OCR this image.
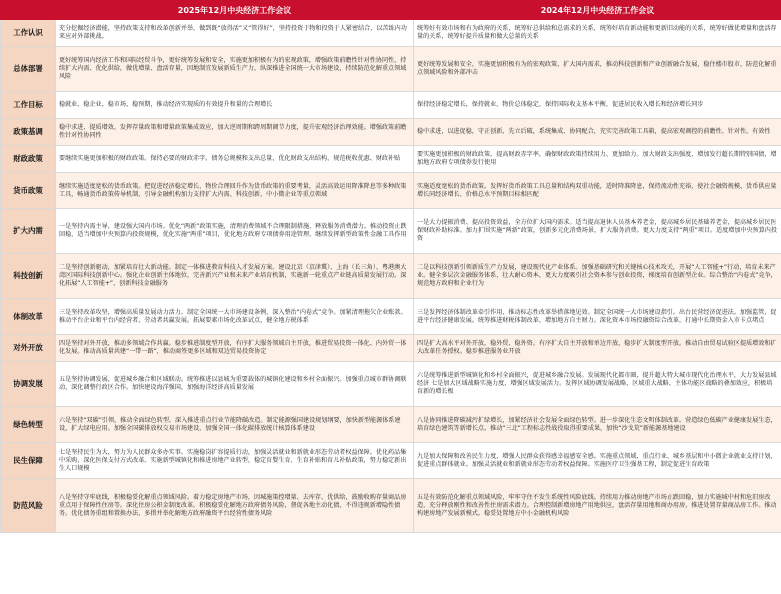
	2025年12月中央经济工作会议	2024年12月中央经济工作会议
工作认识	充分挖掘经济潜能，坚持政策支持和改革创新并举，做到既“放得活”又“管得好”，坚持投资于物和投资于人紧密结合，以苦练内功来应对外部挑战。	统筹好有效市场和有为政府的关系，统筹好总供给和总需求的关系，统筹好培育新动能和更新旧动能的关系，统筹好做优增量和盘活存量的关系，统筹好提升质量和做大总量的关系
总体部署	更好统筹国内经济工作和国际经贸斗争，更好统筹发展和安全，实施更加积极有为的宏观政策，增强政策前瞻性针对性协同性，持续扩大内需、优化供给，做优增量、盘活存量，因地制宜发展新质生产力，纵深推进全国统一大市场建设，持续防范化解重点领域风险	更好统筹发展和安全，实施更加积极有为的宏观政策，扩大国内需求，推动科技创新和产业创新融合发展，稳住楼市股市，防范化解重点领域风险和外部冲击
工作目标	稳就业、稳企业、稳市场、稳预期，推动经济实现质的有效提升和量的合理增长	保持经济稳定增长，保持就业、物价总体稳定，保持国际收支基本平衡，促进居民收入增长和经济增长同步
政策基调	稳中求进、提质增效，发挥存量政策和增量政策集成效应，加大逆周期和跨周期调节力度，提升宏观经济治理效能。增强政策前瞻性针对性协同性	稳中求进，以进促稳，守正创新、先立后破，系统集成、协同配合，充实完善政策工具箱，提高宏观调控的前瞻性、针对性、有效性
财政政策	要继续实施更加积极的财政政策。保持必要的财政赤字、债务总规模和支出总量，优化财政支出结构，规范税收优惠、财政补贴	要实施更加积极的财政政策。提高财政赤字率，确保财政政策持续用力、更加给力。加大财政支出强度，增加发行超长期特别国债，增加地方政府专项债券发行使用
货币政策	继续实施适度宽松的货币政策。把促进经济稳定增长、物价合理回升作为货币政策的重要考量，灵活高效运用降准降息等多种政策工具，畅通货币政策传导机制，引导金融机构加力支持扩大内需、科技创新、中小微企业等重点领域	实施适度宽松的货币政策。发挥好货币政策工具总量和结构双重功能，适时降准降息，保持流动性充裕，使社会融资规模、货币供应量增长同经济增长、价格总水平预期目标相匹配
扩大内需	一是坚持内需主导，建设强大国内市场。优化“两新”政策实施，清理消费领域不合理限制措施，释放服务消费潜力。推动投资止跌回稳，适当增加中央预算内投资规模，优化实施“两重”项目，优化地方政府专项债券用途管理，继续发挥新型政策性金融工具作用	一是大力提振消费、提高投资效益，全方位扩大国内需求。适当提高退休人员基本养老金，提高城乡居民基础养老金，提高城乡居民医保财政补助标准。加力扩围实施“两新”政策，创新多元化消费场景，扩大服务消费。更大力度支持“两重”项目。适度增加中央预算内投资
科技创新	二是坚持创新驱动，加紧培育壮大新动能。制定一体推进教育科技人才发展方案。建设北京（京津冀）、上海（长三角）、粤港澳大湾区国际科技创新中心。强化企业创新主体地位，完善新兴产业和未来产业培育机制，实施新一轮重点产业链高质量发展行动。深化拓展“人工智能+”，创新科技金融服务	二是以科技创新引领新质生产力发展，建设现代化产业体系。加强基础研究和关键核心技术攻关，开展“人工智能+”行动，培育未来产业。健全多层次金融服务体系，壮大耐心资本，更大力度吸引社会资本参与创业投资，梯度培育创新型企业。综合整治“内卷式”竞争，规范地方政府和企业行为
体制改革	三是坚持改革攻坚，增强高质量发展动力活力。制定全国统一大市场建设条例，深入整治“内卷式”竞争。加紧清理拖欠企业账款。推动平台企业和平台内经营者、劳动者共赢发展。拓展要素市场化改革试点，健全地方税体系	三是发挥经济体制改革牵引作用，推动标志性改革举措落地见效。制定全国统一大市场建设指引。出台民营经济促进法。加强监管，促进平台经济健康发展。统筹推进财税体制改革，增加地方自主财力。深化资本市场投融资综合改革，打通中长期资金入市卡点堵点
对外开放	四是坚持对外开放，推动多领域合作共赢。稳步推进制度型开放，有序扩大服务领域自主开放，推进贸易投资一体化、内外贸一体化发展。推动高质量共建“一带一路”，推动商签更多区域和双边贸易投资协定	四是扩大高水平对外开放，稳外贸、稳外资。有序扩大自主开放和单边开放，稳步扩大制度型开放。推动自由贸易试验区提质增效和扩大改革任务授权。稳步推进服务业开放
协调发展	五是坚持协调发展，促进城乡融合和区域联动。统筹推进以县城为重要载体的城镇化建设和乡村全面振兴。加强重点城市群协调联动，深化调整行政区合作。加快建设海洋强国，加强海洋经济高质量发展	六是统筹推进新型城镇化和乡村全面振兴，促进城乡融合发展。发展现代化都市圈，提升超大特大城市现代化治理水平，大力发展县域经济 七是加大区域战略实施力度，增强区域发展活力。发挥区域协调发展战略、区域重大战略、主体功能区战略的叠加效应，积极培育新的增长极
绿色转型	六是坚持“双碳”引领，推动全面绿色转型。深入推进重点行业节能降碳改造。制定能源强国建设规划纲要，加快新型能源体系建设，扩大绿电应用。加强全国碳排放权交易市场建设，加强全国一体化碳排放统计核算体系建设	八是协同推进降碳减污扩绿增长，加紧经济社会发展全面绿色转型。进一步深化生态文明体制改革。营造绿色低碳产业健康发展生态，培育绿色建筑等新增长点。推动“三北”工程标志性战役取得重要成果，加快“沙戈荒”新能源基地建设
民生保障	七是坚持民生为大，努力为人民群众多办实事。实施稳岗扩容提质行动，加强灵活就业和新就业形态劳动者权益保障。优化药品集中采购，深化医保支付方式改革。实施新型城镇化和推进房地产业转型，稳定育婴生育、生育补贴和育儿补贴政策，努力稳定新出生人口规模	九是加大保障和改善民生力度，增强人民群众获得感幸福感安全感。实施重点领域、重点行业、城乡基层和中小微企业就业支持计划，促进重点群体就业。加强灵活就业和新就业形态劳动者权益保障。实施医疗卫生强基工程，制定促进生育政策
防范风险	八是坚持守牢底线，积极稳妥化解重点领域风险。着力稳定房地产市场，因城施策控增量、去库存、优供给，鼓励收购存量商品房重点用于保障性住房等。深化住房公积金制度改革。积极稳妥化解地方政府债务风险，督促各地主动化债，不得违规新增隐性债务。优化债务重组和置换办法，多措并举化解地方政府融资平台经营性债务风险	五是有效防范化解重点领域风险，牢牢守住不发生系统性风险底线。持续用力推动房地产市场止跌回稳，加力实施城中村和危旧房改造，充分释放刚性和改善性住房需求潜力。合理控制新增房地产用地供应，盘活存量用地和商办用房，推进处置存量商品房工作。推动构建房地产发展新模式。稳妥处置地方中小金融机构风险
